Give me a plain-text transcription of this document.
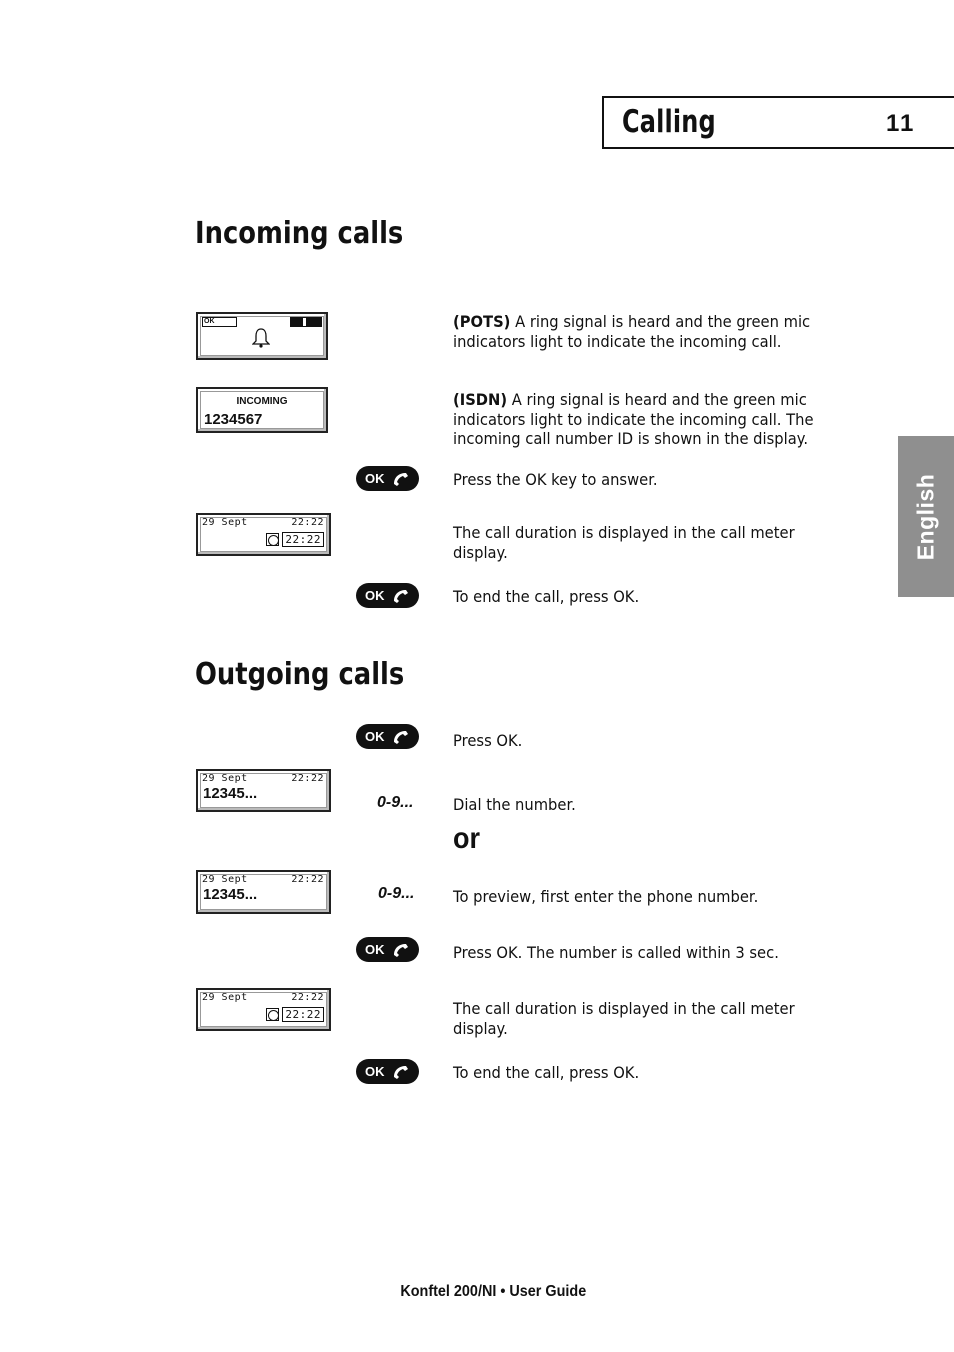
Calling	11
English
Incoming calls
OK
INCOMING
1234567
(POTS) A ring signal is heard and the green mic indicators light to indicate the incoming call.
(ISDN) A ring signal is heard and the green mic indicators light to indicate the incoming call. The incoming call number ID is shown in the display.
OK	Press the OK key to answer.
29 Sept	22:22
22:22	The call duration is displayed in the call meter display.
OK	To end the call, press OK.
Outgoing calls
OK	Press OK.
29 Sept	22:22
12345...
0-9... Dial the number.
or
29 Sept	22:22
12345...	0-9... To preview, first enter the phone number.
OK	Press OK. The number is called within 3 sec.
29 Sept	22:22
22:22	The call duration is displayed in the call meter display.
OK	To end the call, press OK.
Konftel 200/NI • User Guide
